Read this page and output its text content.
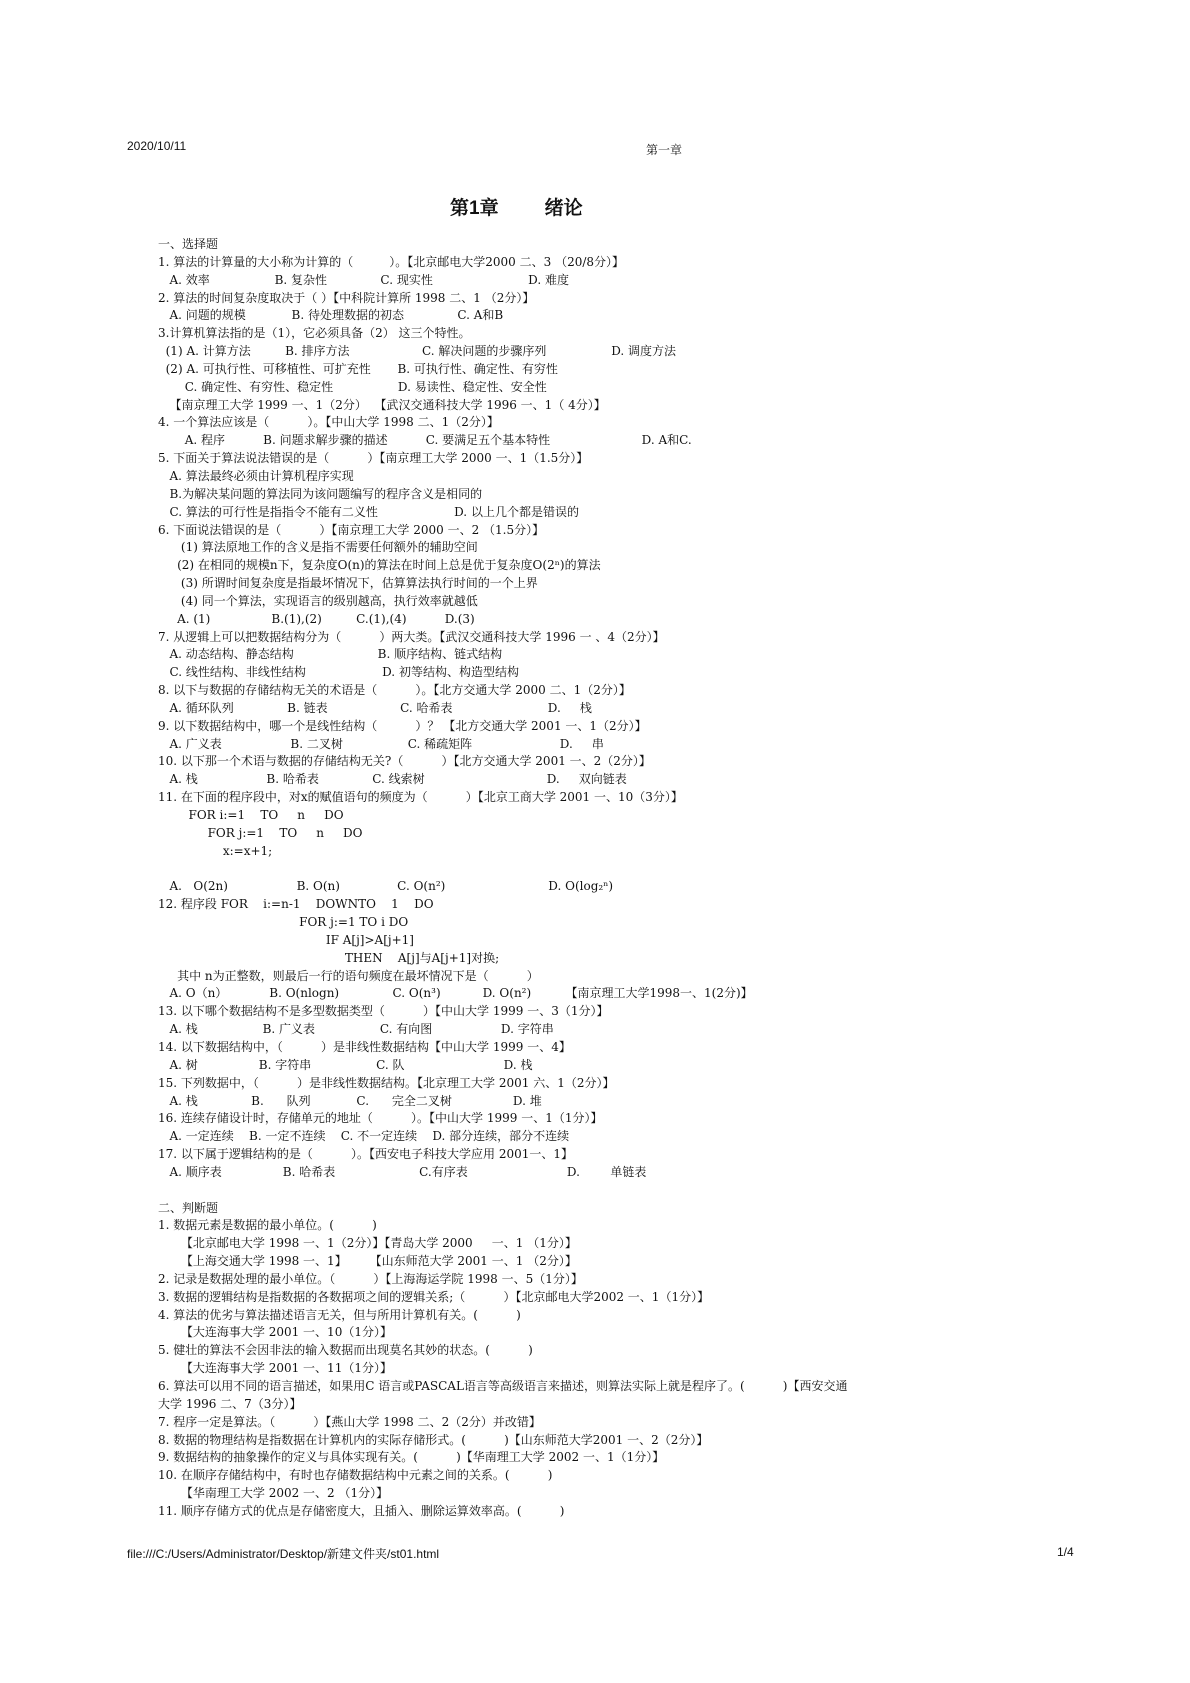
2020/10/11	第一章
第1章 绪论
一、选择题
1. 算法的计算量的大小称为计算的（　　　）。【北京邮电大学2000 二、3 （20/8分）】
A. 效率                 B. 复杂性              C. 现实性                         D. 难度
2. 算法的时间复杂度取决于（ ）【中科院计算所 1998 二、1 （2分）】
A. 问题的规模            B. 待处理数据的初态              C. A和B
3.计算机算法指的是（1），它必须具备（2） 这三个特性。
(1) A. 计算方法         B. 排序方法                   C. 解决问题的步骤序列                 D. 调度方法
(2) A. 可执行性、可移植性、可扩充性       B. 可执行性、确定性、有穷性
C. 确定性、有穷性、稳定性                 D. 易读性、稳定性、安全性
【南京理工大学 1999 一、1（2分）  【武汉交通科技大学 1996 一、1（ 4分）】
4. 一个算法应该是（          ）。【中山大学 1998 二、1（2分）】
A. 程序          B. 问题求解步骤的描述          C. 要满足五个基本特性                        D. A和C.
5. 下面关于算法说法错误的是（          ）【南京理工大学 2000 一、1（1.5分）】
A. 算法最终必须由计算机程序实现
B.为解决某问题的算法同为该问题编写的程序含义是相同的
C. 算法的可行性是指指令不能有二义性                    D. 以上几个都是错误的
6. 下面说法错误的是（          ）【南京理工大学 2000 一、2 （1.5分）】
(1) 算法原地工作的含义是指不需要任何额外的辅助空间
(2) 在相同的规模n下，复杂度O(n)的算法在时间上总是优于复杂度O(2ⁿ)的算法
(3) 所谓时间复杂度是指最坏情况下，估算算法执行时间的一个上界
(4) 同一个算法，实现语言的级别越高，执行效率就越低
A. (1)                B.(1),(2)         C.(1),(4)          D.(3)
7. 从逻辑上可以把数据结构分为（          ）两大类。【武汉交通科技大学 1996 一 、4（2分）】
A. 动态结构、静态结构                      B. 顺序结构、链式结构
C. 线性结构、非线性结构                    D. 初等结构、构造型结构
8. 以下与数据的存储结构无关的术语是（          ）。【北方交通大学 2000 二、1（2分）】
A. 循环队列              B. 链表                   C. 哈希表                         D.     栈
9. 以下数据结构中，哪一个是线性结构（          ）？ 【北方交通大学 2001 一、1（2分）】
A. 广义表                  B. 二叉树                 C. 稀疏矩阵                       D.     串
10. 以下那一个术语与数据的存储结构无关?（          ）【北方交通大学 2001 一、2（2分）】
A. 栈                  B. 哈希表              C. 线索树                                D.     双向链表
11. 在下面的程序段中，对x的赋值语句的频度为（          ）【北京工商大学 2001 一、10（3分）】
FOR i:=1    TO     n     DO
FOR j:=1    TO     n     DO
x:=x+1;
A.   O(2n)                  B. O(n)               C. O(n²)                           D. O(log₂ⁿ)
12. 程序段 FOR    i:=n-1    DOWNTO    1    DO
FOR j:=1 TO i DO
IF A[j]>A[j+1]
THEN    A[j]与A[j+1]对换;
其中 n为正整数，则最后一行的语句频度在最坏情况下是（          ）
A. O（n）           B. O(nlogn)              C. O(n³)           D. O(n²)         【南京理工大学1998一、1(2分)】
13. 以下哪个数据结构不是多型数据类型（          ）【中山大学 1999 一、3（1分）】
A. 栈                 B. 广义表                 C. 有向图                  D. 字符串
14. 以下数据结构中，（          ）是非线性数据结构【中山大学 1999 一、4】
A. 树                B. 字符串                 C. 队                          D. 栈
15. 下列数据中，（          ）是非线性数据结构。【北京理工大学 2001 六、1（2分）】
A. 栈              B.      队列            C.      完全二叉树                D. 堆
16. 连续存储设计时，存储单元的地址（          ）。【中山大学 1999 一、1（1分）】
A. 一定连续    B. 一定不连续    C. 不一定连续    D. 部分连续，部分不连续
17. 以下属于逻辑结构的是（          ）。【西安电子科技大学应用 2001一、1】
A. 顺序表                B. 哈希表                      C.有序表                          D.        单链表
二、判断题
1. 数据元素是数据的最小单位。(          )
【北京邮电大学 1998 一、1（2分）】【青岛大学 2000     一、1 （1分）】
【上海交通大学 1998 一、1】      【山东师范大学 2001 一、1 （2分）】
2. 记录是数据处理的最小单位。（          ）【上海海运学院 1998 一、5（1分）】
3. 数据的逻辑结构是指数据的各数据项之间的逻辑关系;（          ）【北京邮电大学2002 一、1（1分）】
4. 算法的优劣与算法描述语言无关，但与所用计算机有关。(          )
【大连海事大学 2001 一、10（1分）】
5. 健壮的算法不会因非法的输入数据而出现莫名其妙的状态。(          )
【大连海事大学 2001 一、11（1分）】
6. 算法可以用不同的语言描述，如果用C 语言或PASCAL语言等高级语言来描述，则算法实际上就是程序了。(          )【西安交通
大学 1996 二、7（3分）】
7. 程序一定是算法。（          ）【燕山大学 1998 二、2（2分）并改错】
8. 数据的物理结构是指数据在计算机内的实际存储形式。(          )【山东师范大学2001 一、2（2分）】
9. 数据结构的抽象操作的定义与具体实现有关。(          )【华南理工大学 2002 一、1（1分）】
10. 在顺序存储结构中，有时也存储数据结构中元素之间的关系。(          )
【华南理工大学 2002 一、2 （1分）】
11. 顺序存储方式的优点是存储密度大，且插入、删除运算效率高。(          )
file:///C:/Users/Administrator/Desktop/新建文件夹/st01.html	1/4
